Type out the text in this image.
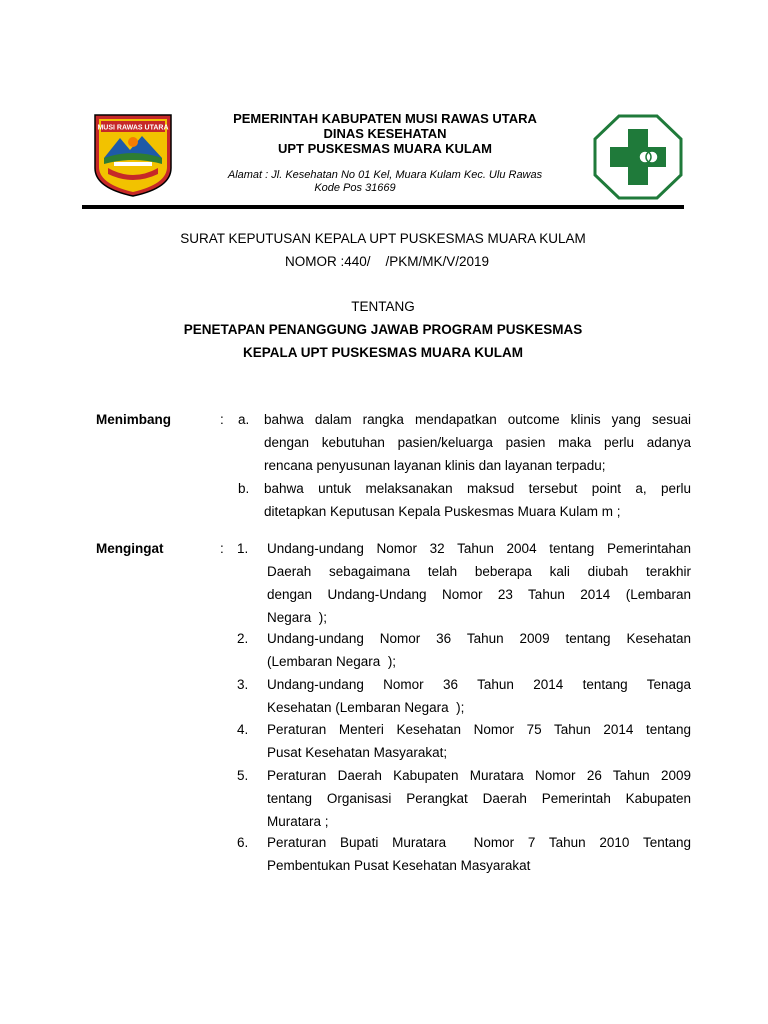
MUSI RAWAS UTARA
PEMERINTAH KABUPATEN MUSI RAWAS UTARA
DINAS KESEHATAN
UPT PUSKESMAS MUARA KULAM
Alamat : Jl. Kesehatan No 01 Kel, Muara Kulam Kec. Ulu Rawas
Kode Pos 31669
SURAT KEPUTUSAN KEPALA UPT PUSKESMAS MUARA KULAM
NOMOR :440/    /PKM/MK/V/2019
TENTANG
PENETAPAN PENANGGUNG JAWAB PROGRAM PUSKESMAS
KEPALA UPT PUSKESMAS MUARA KULAM
Menimbang	: a. bahwa dalam rangka mendapatkan outcome klinis yang sesuai
dengan kebutuhan pasien/keluarga pasien maka perlu adanya
rencana penyusunan layanan klinis dan layanan terpadu;
b. bahwa untuk melaksanakan maksud tersebut point a, perlu
ditetapkan Keputusan Kepala Puskesmas Muara Kulam m ;
Mengingat	: 1. Undang-undang Nomor 32 Tahun 2004 tentang Pemerintahan
Daerah sebagaimana telah beberapa kali diubah terakhir
dengan Undang-Undang Nomor 23 Tahun 2014 (Lembaran
Negara  );
2. Undang-undang Nomor 36 Tahun 2009 tentang Kesehatan
(Lembaran Negara  );
3. Undang-undang Nomor 36 Tahun 2014 tentang Tenaga
Kesehatan (Lembaran Negara  );
4. Peraturan Menteri Kesehatan Nomor 75 Tahun 2014 tentang
Pusat Kesehatan Masyarakat;
5. Peraturan Daerah Kabupaten Muratara Nomor 26 Tahun 2009
tentang Organisasi Perangkat Daerah Pemerintah Kabupaten
Muratara ;
6. Peraturan Bupati Muratara  Nomor 7 Tahun 2010 Tentang
Pembentukan Pusat Kesehatan Masyarakat
